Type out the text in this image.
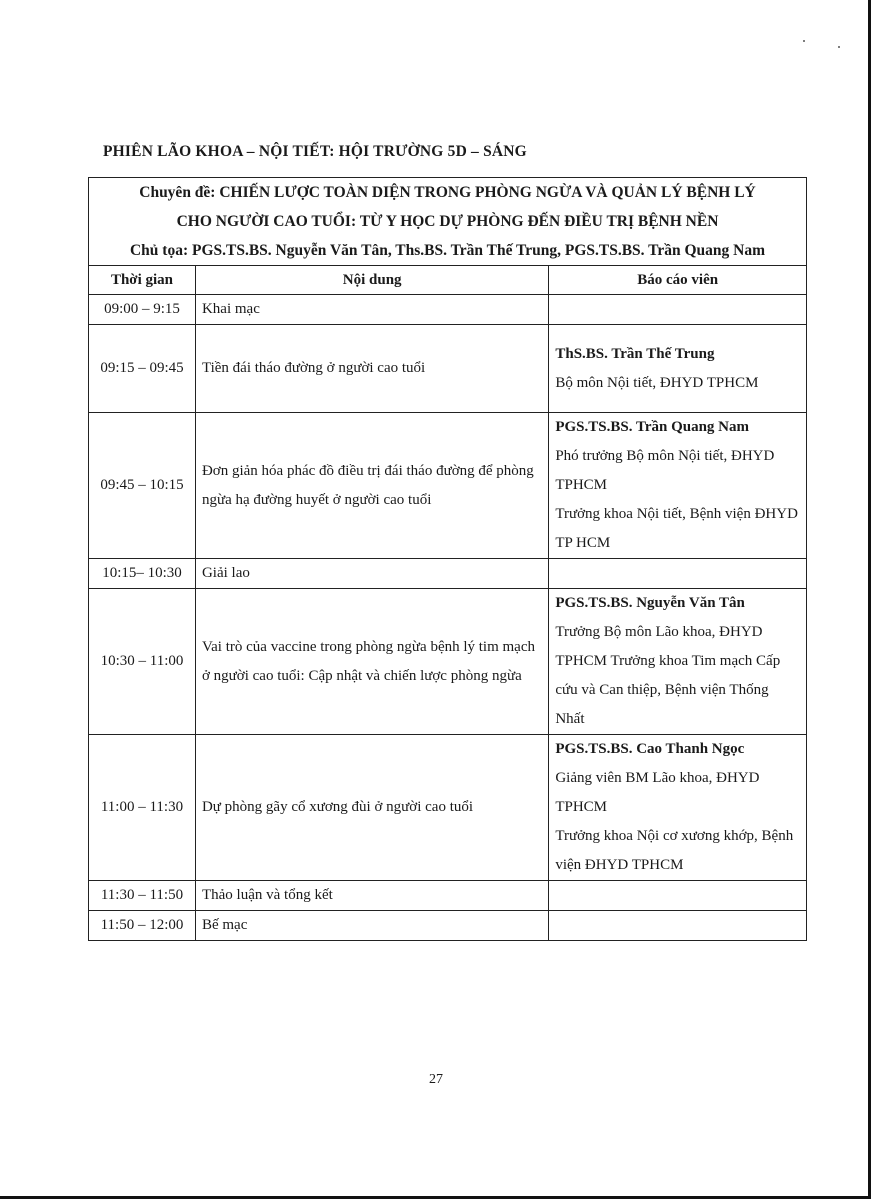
PHIÊN LÃO KHOA – NỘI TIẾT: HỘI TRƯỜNG 5D – SÁNG
Chuyên đề: CHIẾN LƯỢC TOÀN DIỆN TRONG PHÒNG NGỪA VÀ QUẢN LÝ BỆNH LÝ
CHO NGƯỜI CAO TUỔI: TỪ Y HỌC DỰ PHÒNG ĐẾN ĐIỀU TRỊ BỆNH NỀN
Chủ tọa: PGS.TS.BS. Nguyễn Văn Tân, Ths.BS. Trần Thế Trung, PGS.TS.BS. Trần Quang Nam		

Thời gian	Nội dung	Báo cáo viên
09:00 – 9:15	Khai mạc	
09:15 – 09:45	Tiền đái tháo đường ở người cao tuổi	ThS.BS. Trần Thế Trung
Bộ môn Nội tiết, ĐHYD TPHCM

09:45 – 10:15	Đơn giản hóa phác đồ điều trị đái tháo đường để phòng ngừa hạ đường huyết ở người cao tuổi	PGS.TS.BS. Trần Quang Nam
Phó trưởng Bộ môn Nội tiết, ĐHYD TPHCM
Trưởng khoa Nội tiết, Bệnh viện ĐHYD TP HCM

10:15– 10:30	Giải lao	
10:30 – 11:00	Vai trò của vaccine trong phòng ngừa bệnh lý tim mạch ở người cao tuổi: Cập nhật và chiến lược phòng ngừa	PGS.TS.BS. Nguyễn Văn Tân
Trưởng Bộ môn Lão khoa, ĐHYD TPHCM Trưởng khoa Tim mạch Cấp cứu và Can thiệp, Bệnh viện Thống Nhất

11:00 – 11:30	Dự phòng gãy cổ xương đùi ở người cao tuổi	PGS.TS.BS. Cao Thanh Ngọc
Giảng viên BM Lão khoa, ĐHYD TPHCM
Trưởng khoa Nội cơ xương khớp, Bệnh viện ĐHYD TPHCM

11:30 – 11:50	Thảo luận và tổng kết	
11:50 – 12:00	Bế mạc	
27
